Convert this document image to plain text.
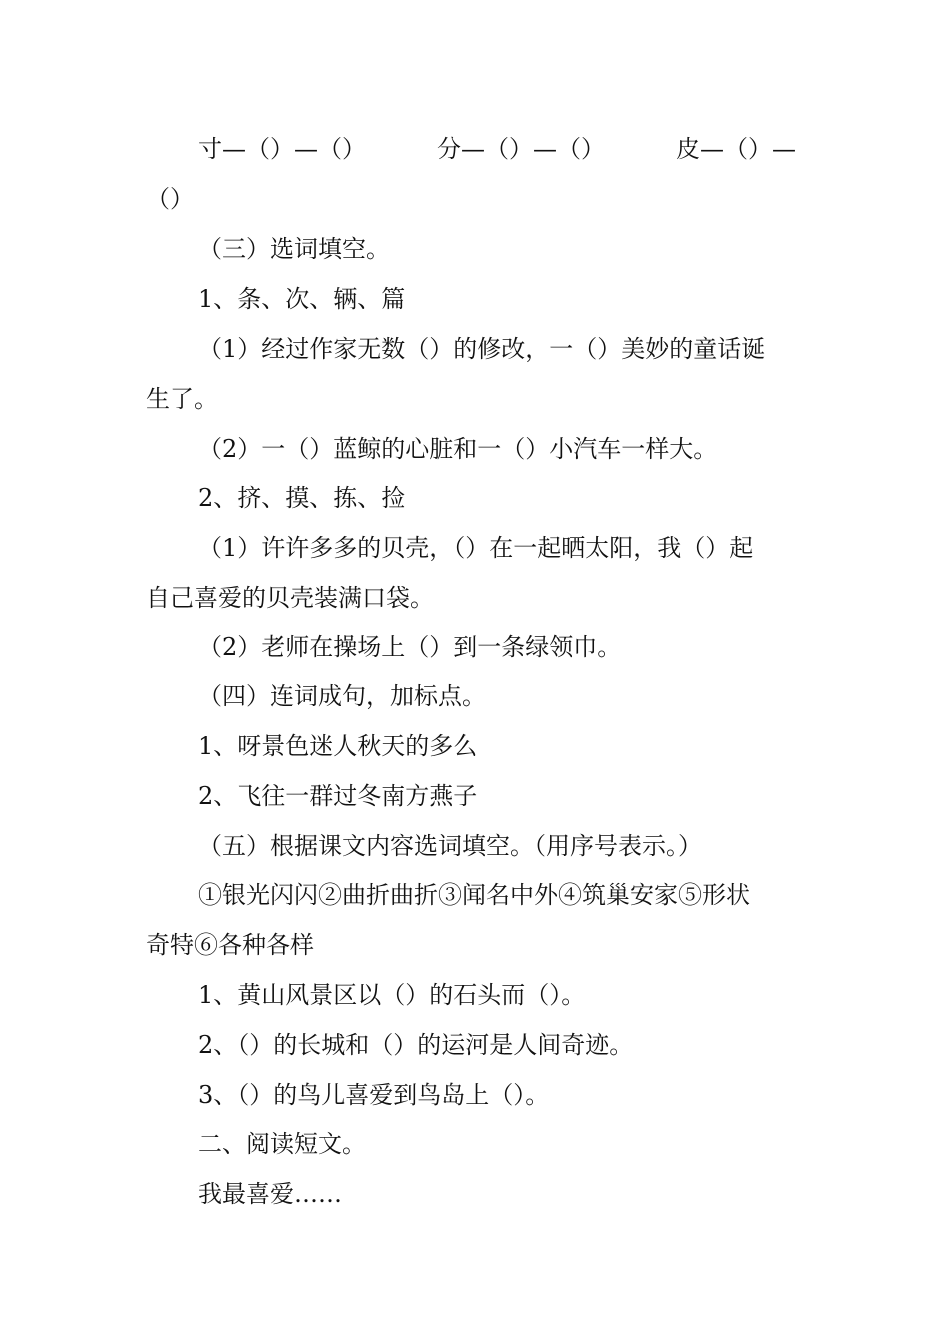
寸—（）—（）	分—（）—（）	皮—（）—
（）
（三）选词填空。
1、条、次、辆、篇
（1）经过作家无数（）的修改，一（）美妙的童话诞
生了。
（2）一（）蓝鲸的心脏和一（）小汽车一样大。
2、挤、摸、拣、捡
（1）许许多多的贝壳，（）在一起晒太阳，我（）起
自己喜爱的贝壳装满口袋。
（2）老师在操场上（）到一条绿领巾。
（四）连词成句，加标点。
1、呀景色迷人秋天的多么
2、飞往一群过冬南方燕子
（五）根据课文内容选词填空。（用序号表示。）
①银光闪闪②曲折曲折③闻名中外④筑巢安家⑤形状
奇特⑥各种各样
1、黄山风景区以（）的石头而（）。
2、（）的长城和（）的运河是人间奇迹。
3、（）的鸟儿喜爱到鸟岛上（）。
二、阅读短文。
我最喜爱……
